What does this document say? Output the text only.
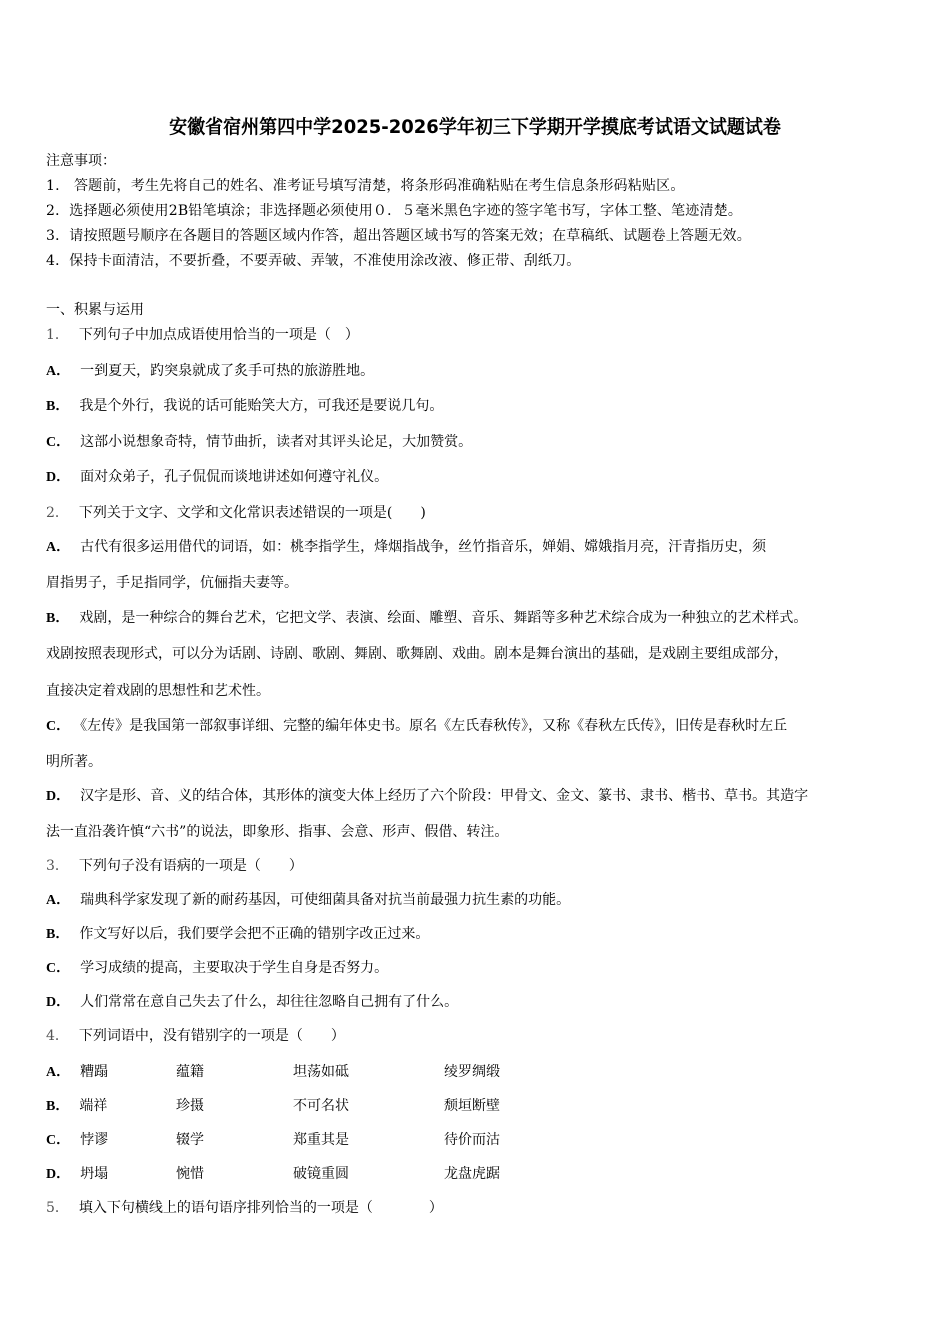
安徽省宿州第四中学2025-2026学年初三下学期开学摸底考试语文试题试卷
注意事项：
1.　答题前，考生先将自己的姓名、准考证号填写清楚，将条形码准确粘贴在考生信息条形码粘贴区。
2．选择题必须使用2B铅笔填涂；非选择题必须使用０．５毫米黑色字迹的签字笔书写，字体工整、笔迹清楚。
3．请按照题号顺序在各题目的答题区域内作答，超出答题区域书写的答案无效；在草稿纸、试题卷上答题无效。
4．保持卡面清洁，不要折叠，不要弄破、弄皱，不准使用涂改液、修正带、刮纸刀。
一、积累与运用
1． 下列句子中加点成语使用恰当的一项是（　）
A． 一到夏天，趵突泉就成了炙手可热的旅游胜地。
B． 我是个外行，我说的话可能贻笑大方，可我还是要说几句。
C． 这部小说想象奇特，情节曲折，读者对其评头论足，大加赞赏。
D． 面对众弟子，孔子侃侃而谈地讲述如何遵守礼仪。
2． 下列关于文字、文学和文化常识表述错误的一项是(　　)
A． 古代有很多运用借代的词语，如：桃李指学生，烽烟指战争，丝竹指音乐，婵娟、嫦娥指月亮，汗青指历史，须
眉指男子，手足指同学，伉俪指夫妻等。
B． 戏剧，是一种综合的舞台艺术，它把文学、表演、绘面、雕塑、音乐、舞蹈等多种艺术综合成为一种独立的艺术样式。
戏剧按照表现形式，可以分为话剧、诗剧、歌剧、舞剧、歌舞剧、戏曲。剧本是舞台演出的基础，是戏剧主要组成部分，
直接决定着戏剧的思想性和艺术性。
C． 《左传》是我国第一部叙事详细、完整的编年体史书。原名《左氏春秋传》，又称《春秋左氏传》，旧传是春秋时左丘
明所著。
D． 汉字是形、音、义的结合体，其形体的演变大体上经历了六个阶段：甲骨文、金文、篆书、隶书、楷书、草书。其造字
法一直沿袭许慎“六书”的说法，即象形、指事、会意、形声、假借、转注。
3． 下列句子没有语病的一项是（　　）
A． 瑞典科学家发现了新的耐药基因，可使细菌具备对抗当前最强力抗生素的功能。
B． 作文写好以后，我们要学会把不正确的错别字改正过来。
C． 学习成绩的提高，主要取决于学生自身是否努力。
D． 人们常常在意自己失去了什么，却往往忽略自己拥有了什么。
4． 下列词语中，没有错别字的一项是（　　）
A． 糟蹋	蕴籍	坦荡如砥	绫罗绸缎
B． 端祥	珍摄	不可名状	颓垣断壁
C． 悖谬	辍学	郑重其是	待价而沽
D． 坍塌	惋惜	破镜重圆	龙盘虎踞
5． 填入下句横线上的语句语序排列恰当的一项是（　　　　）
